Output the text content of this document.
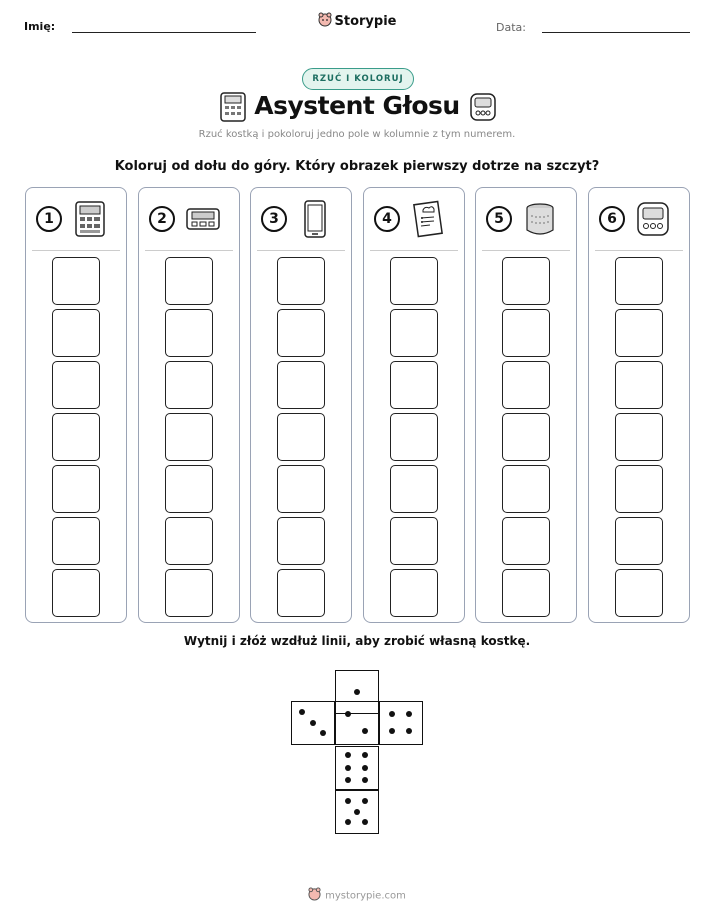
Imię:	Storypie	Data:
RZUĆ I KOLORUJ
Asystent Głosu
Rzuć kostką i pokoloruj jedno pole w kolumnie z tym numerem.
Koloruj od dołu do góry. Który obrazek pierwszy dotrze na szczyt?
1	2	3	4	5	6
Wytnij i złóż wzdłuż linii, aby zrobić własną kostkę.
mystorypie.com
